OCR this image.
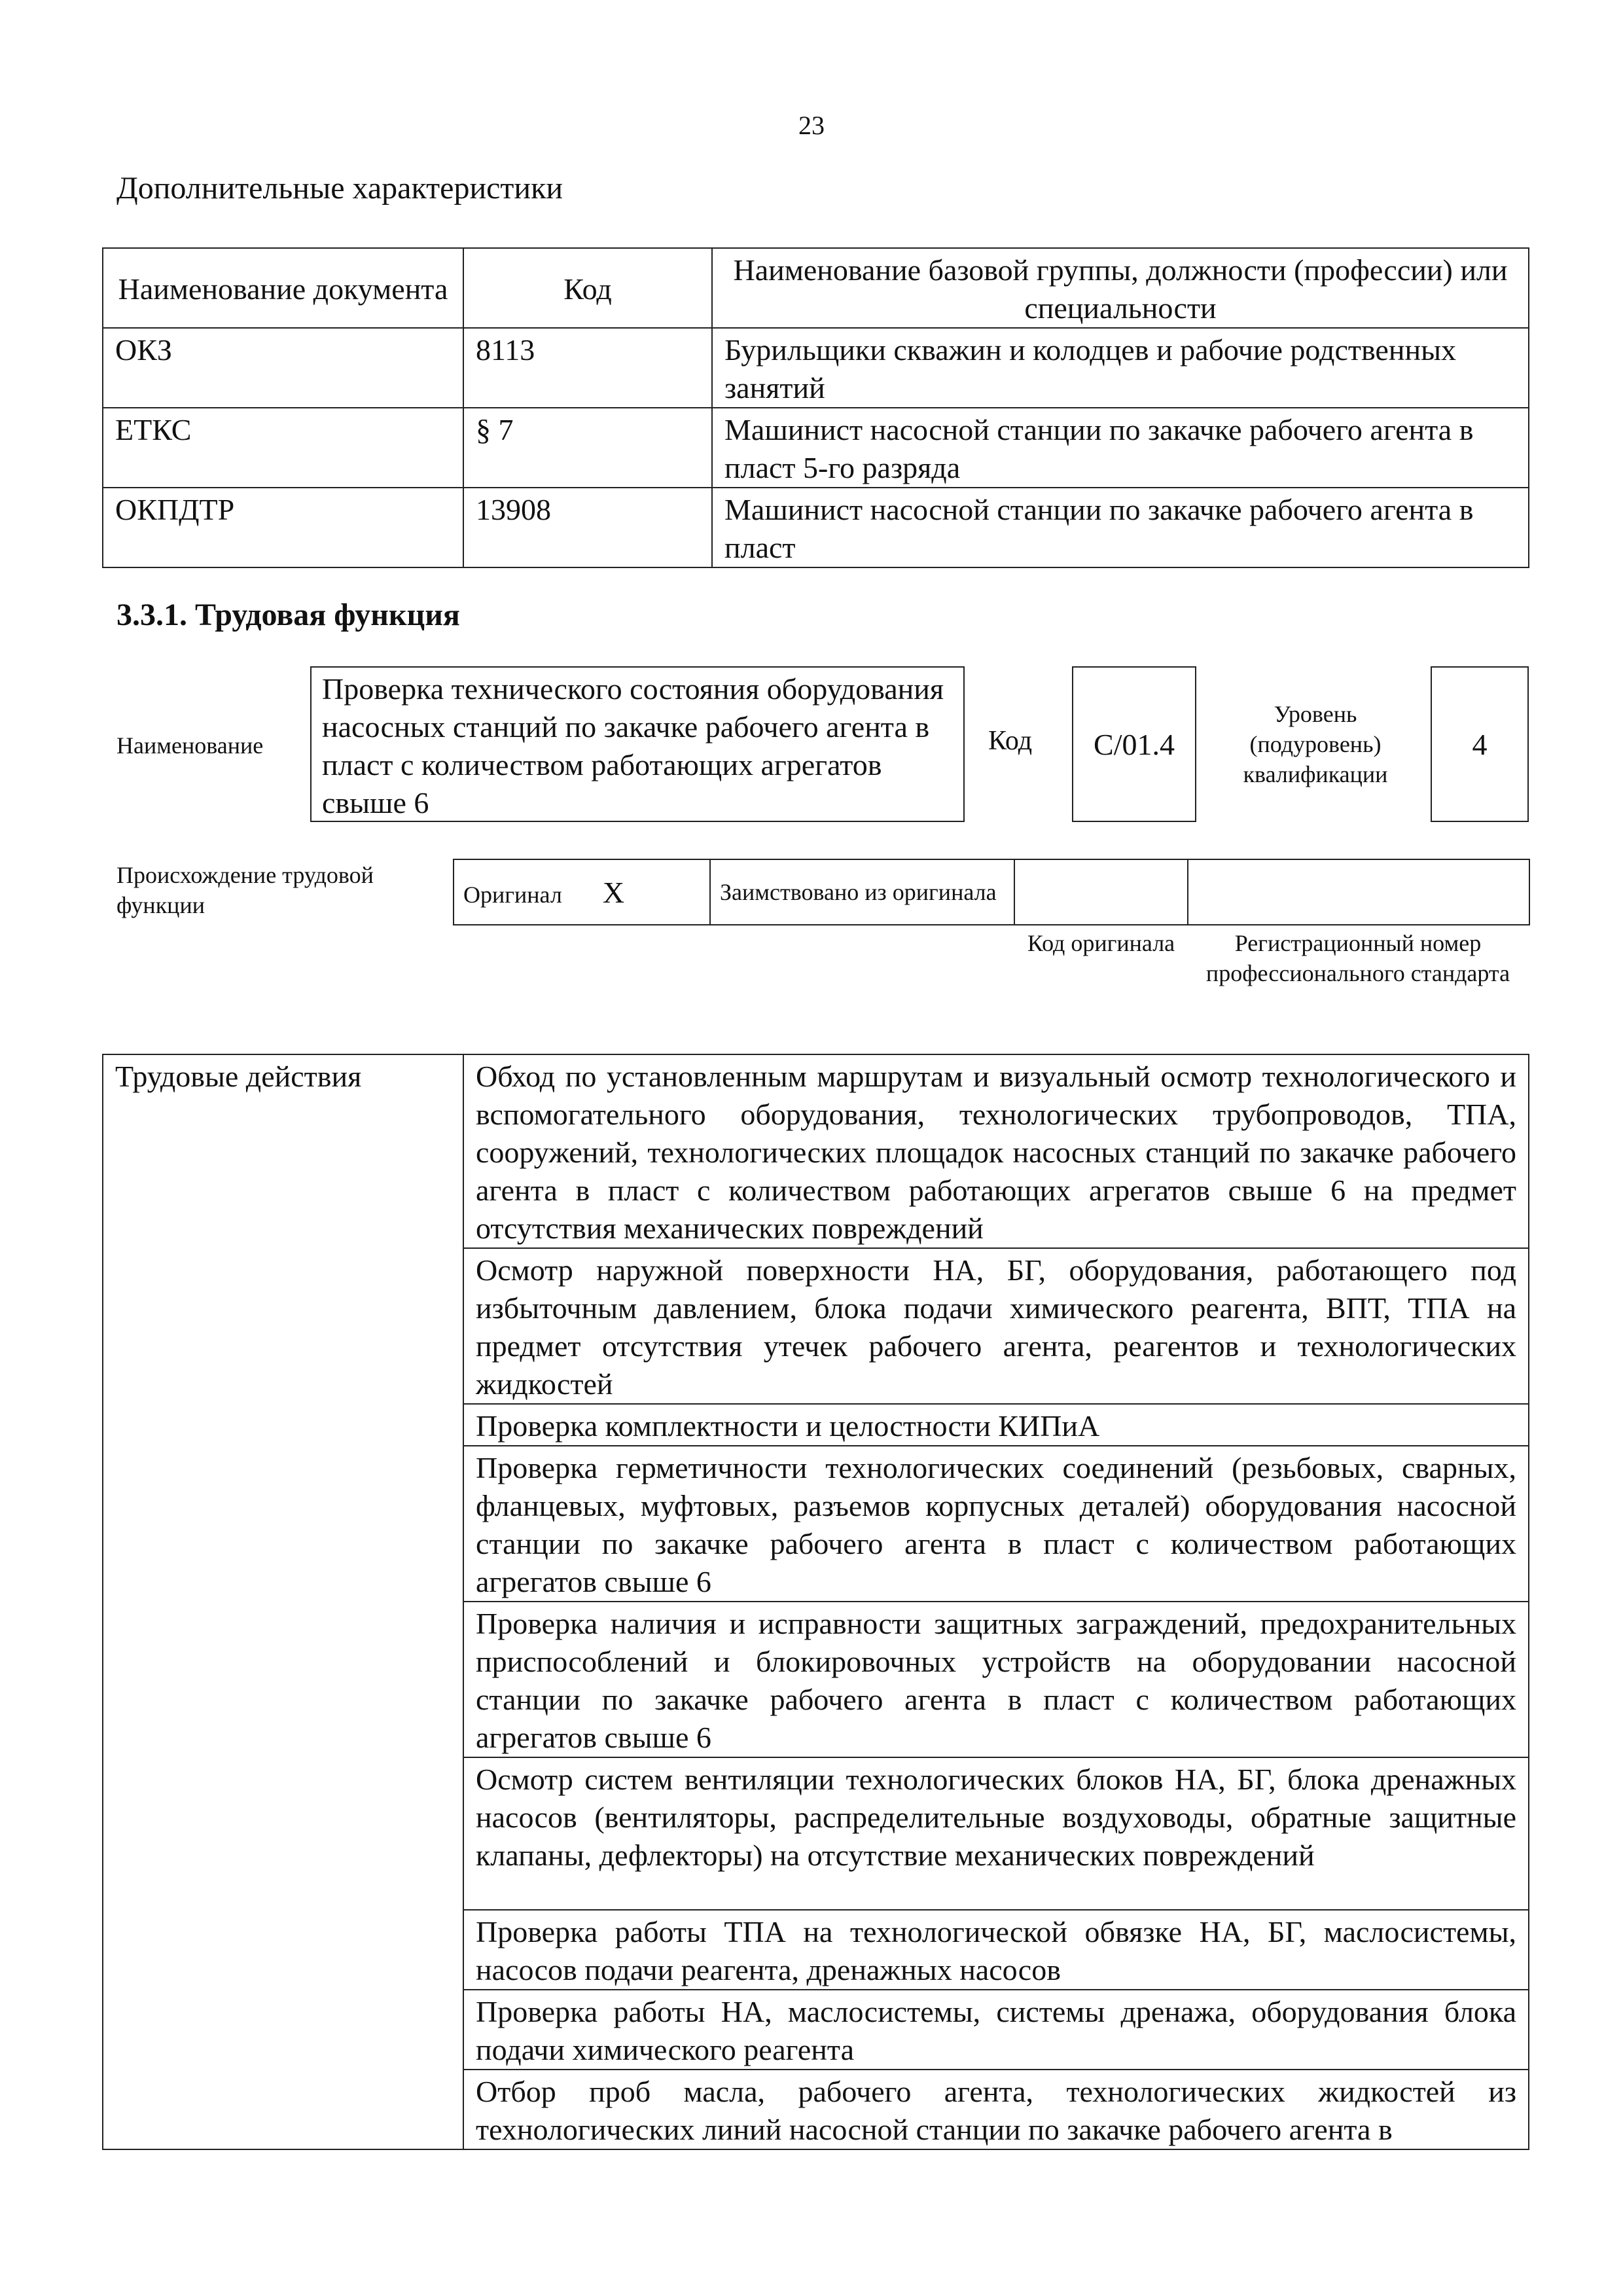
23
Дополнительные характеристики
Наименование документа	Код	Наименование базовой группы, должности (профессии) или специальности
ОКЗ	8113	Бурильщики скважин и колодцев и рабочие родственных занятий
ЕТКС	§ 7	Машинист насосной станции по закачке рабочего агента в пласт 5-го разряда
ОКПДТР	13908	Машинист насосной станции по закачке рабочего агента в пласт
3.3.1. Трудовая функция
Наименование
Проверка технического состояния оборудования насосных станций по закачке рабочего агента в пласт с количеством работающих агрегатов свыше 6
Код	С/01.4
Уровень (подуровень) квалификации
4
Происхождение трудовой функции	Оригинал X	Заимствовано из оригинала		
Код оригинала	Регистрационный номер профессионального стандарта
Трудовые действия	Обход по установленным маршрутам и визуальный осмотр технологического и вспомогательного оборудования, технологических трубопроводов, ТПА, сооружений, технологических площадок насосных станций по закачке рабочего агента в пласт с количеством работающих агрегатов свыше 6 на предмет отсутствия механических повреждений
Осмотр наружной поверхности НА, БГ, оборудования, работающего под избыточным давлением, блока подачи химического реагента, ВПТ, ТПА на предмет отсутствия утечек рабочего агента, реагентов и технологических жидкостей
Проверка комплектности и целостности КИПиА
Проверка герметичности технологических соединений (резьбовых, сварных, фланцевых, муфтовых, разъемов корпусных деталей) оборудования насосной станции по закачке рабочего агента в пласт с количеством работающих агрегатов свыше 6
Проверка наличия и исправности защитных заграждений, предохранительных приспособлений и блокировочных устройств на оборудовании насосной станции по закачке рабочего агента в пласт с количеством работающих агрегатов свыше 6
Осмотр систем вентиляции технологических блоков НА, БГ, блока дренажных насосов (вентиляторы, распределительные воздуховоды, обратные защитные клапаны, дефлекторы) на отсутствие механических повреждений
Проверка работы ТПА на технологической обвязке НА, БГ, маслосистемы, насосов подачи реагента, дренажных насосов
Проверка работы НА, маслосистемы, системы дренажа, оборудования блока подачи химического реагента
Отбор проб масла, рабочего агента, технологических жидкостей из технологических линий насосной станции по закачке рабочего агента в
